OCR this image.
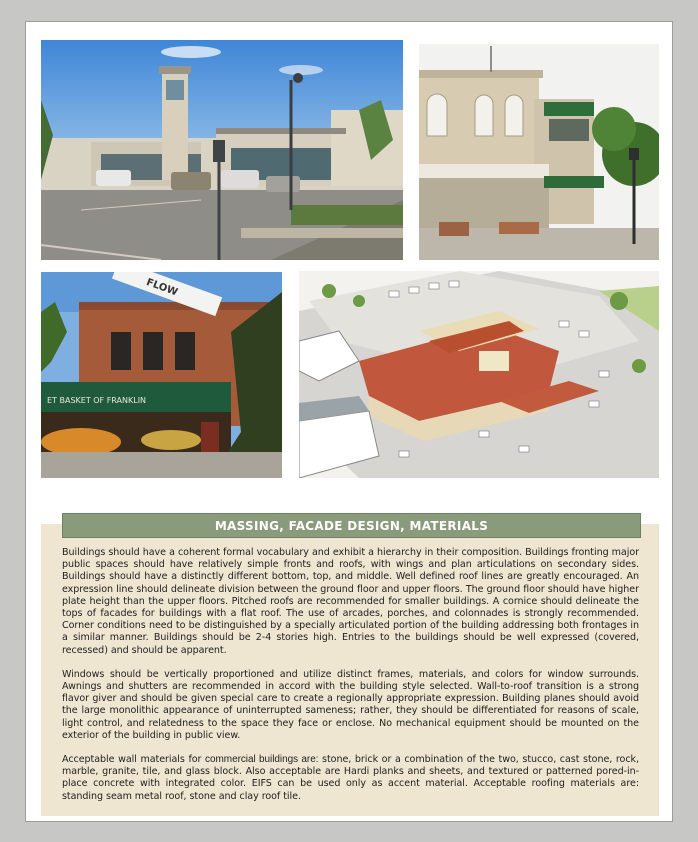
ET BASKET OF FRANKLIN
FLOW
MASSING, FACADE DESIGN, MATERIALS

Buildings should have a coherent formal vocabulary and exhibit a hierarchy in their composition. Buildings fronting major public spaces should have relatively simple fronts and roofs, with wings and plan articulations on secondary sides. Buildings should have a distinctly different bottom, top, and middle. Well defined roof lines are greatly encouraged. An expression line should delineate division between the ground floor and upper floors. The ground floor should have higher plate height than the upper floors. Pitched roofs are recommended for smaller buildings. A cornice should delineate the tops of facades for buildings with a flat roof. The use of arcades, porches, and colonnades is strongly recommended. Corner conditions need to be distinguished by a specially articulated portion of the building addressing both frontages in a similar manner. Buildings should be 2-4 stories high. Entries to the buildings should be well expressed (covered, recessed) and should be apparent.

Windows should be vertically proportioned and utilize distinct frames, materials, and colors for window surrounds. Awnings and shutters are recommended in accord with the building style selected. Wall-to-roof transition is a strong flavor giver and should be given special care to create a regionally appropriate expression. Building planes should avoid the large monolithic appearance of uninterrupted sameness; rather, they should be differentiated for reasons of scale, light control, and relatedness to the space they face or enclose. No mechanical equipment should be mounted on the exterior of the building in public view.

Acceptable wall materials for commercial buildings are: stone, brick or a combination of the two, stucco, cast stone, rock, marble, granite, tile, and glass block. Also acceptable are Hardi planks and sheets, and textured or patterned pored-in-place concrete with integrated color. EIFS can be used only as accent material. Acceptable roofing materials are: standing seam metal roof, stone and clay roof tile.
